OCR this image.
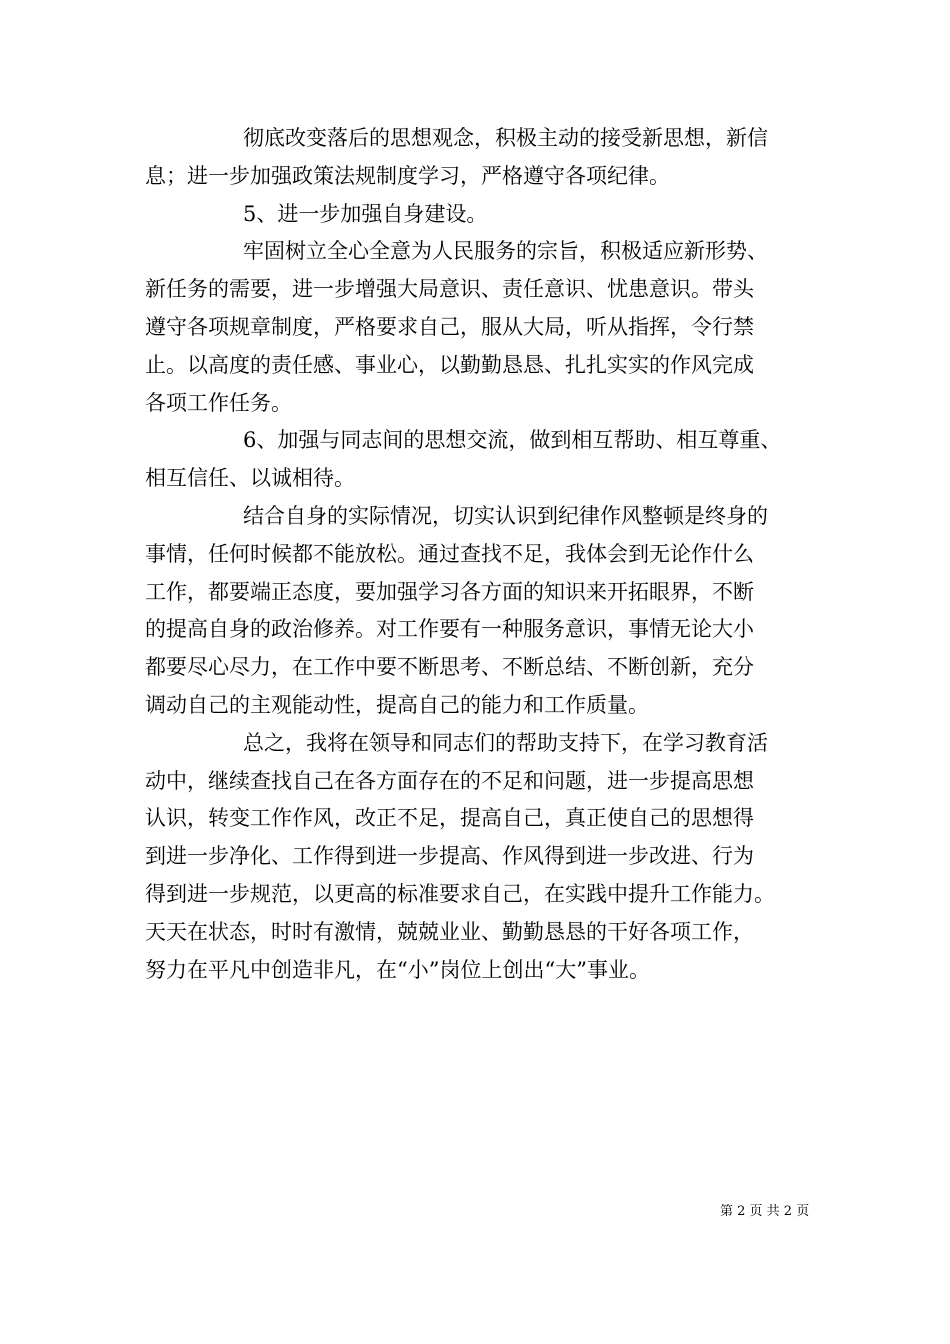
彻底改变落后的思想观念，积极主动的接受新思想，新信
息；进一步加强政策法规制度学习，严格遵守各项纪律。
5、进一步加强自身建设。
牢固树立全心全意为人民服务的宗旨，积极适应新形势、
新任务的需要，进一步增强大局意识、责任意识、忧患意识。带头
遵守各项规章制度，严格要求自己，服从大局，听从指挥，令行禁
止。以高度的责任感、事业心，以勤勤恳恳、扎扎实实的作风完成
各项工作任务。
6、加强与同志间的思想交流，做到相互帮助、相互尊重、
相互信任、以诚相待。
结合自身的实际情况，切实认识到纪律作风整顿是终身的
事情，任何时候都不能放松。通过查找不足，我体会到无论作什么
工作，都要端正态度，要加强学习各方面的知识来开拓眼界，不断
的提高自身的政治修养。对工作要有一种服务意识，事情无论大小
都要尽心尽力，在工作中要不断思考、不断总结、不断创新，充分
调动自己的主观能动性，提高自己的能力和工作质量。
总之，我将在领导和同志们的帮助支持下，在学习教育活
动中，继续查找自己在各方面存在的不足和问题，进一步提高思想
认识，转变工作作风，改正不足，提高自己，真正使自己的思想得
到进一步净化、工作得到进一步提高、作风得到进一步改进、行为
得到进一步规范，以更高的标准要求自己，在实践中提升工作能力。
天天在状态，时时有激情，兢兢业业、勤勤恳恳的干好各项工作，
努力在平凡中创造非凡，在“小”岗位上创出“大”事业。
第 2 页 共 2 页
